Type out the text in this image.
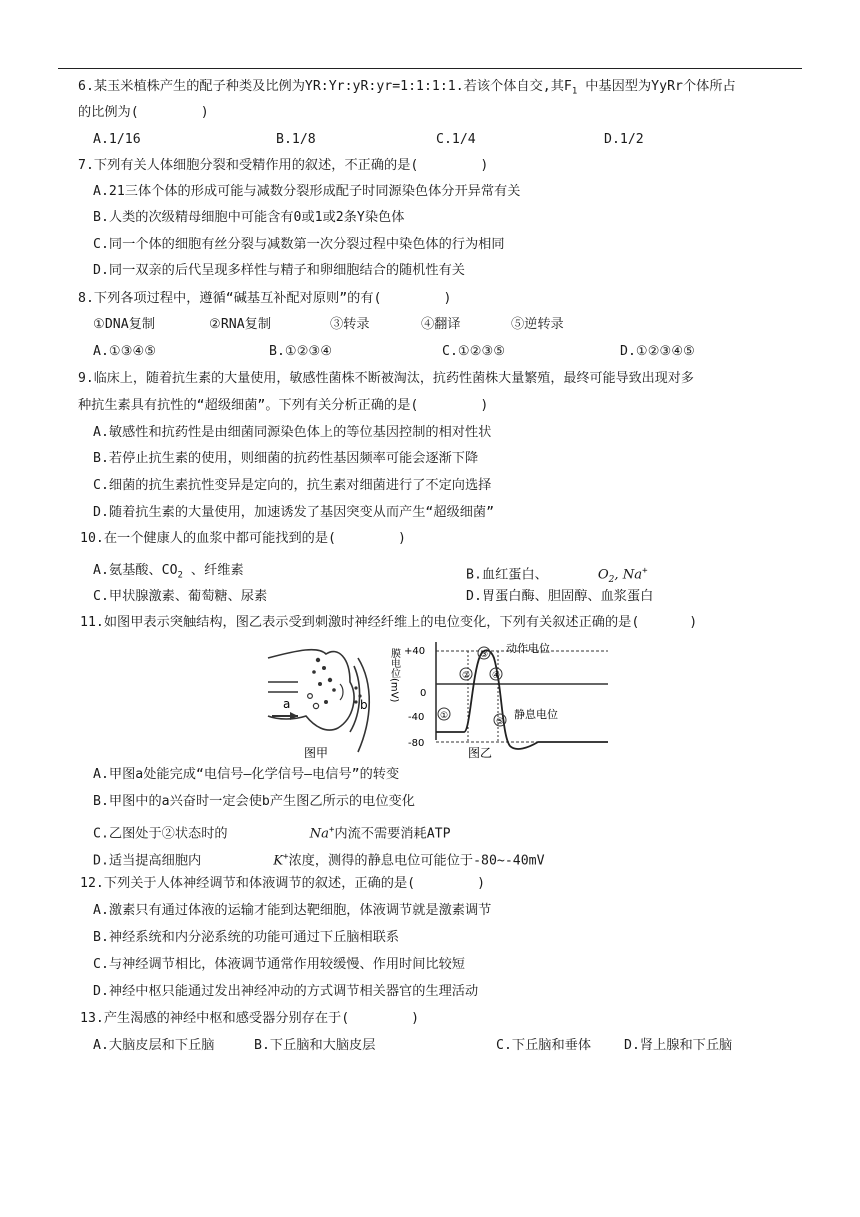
6.某玉米植株产生的配子种类及比例为YR:Yr:yR:yr=1:1:1:1.若该个体自交,其$F_1$ 中基因型为YyRr个体所占
的比例为(	)
A.1/16	B.1/8	C.1/4	D.1/2
7.下列有关人体细胞分裂和受精作用的叙述，不正确的是(	)
A.21三体个体的形成可能与减数分裂形成配子时同源染色体分开异常有关
B.人类的次级精母细胞中可能含有0或1或2条Y染色体
C.同一个体的细胞有丝分裂与减数第一次分裂过程中染色体的行为相同
D.同一双亲的后代呈现多样性与精子和卵细胞结合的随机性有关
8.下列各项过程中，遵循“碱基互补配对原则”的有(	)
①DNA复制	②RNA复制	③转录	④翻译	⑤逆转录
A.①③④⑤	B.①②③④	C.①②③⑤	D.①②③④⑤
9.临床上，随着抗生素的大量使用，敏感性菌株不断被淘汰，抗药性菌株大量繁殖，最终可能导致出现对多
种抗生素具有抗性的“超级细菌”。下列有关分析正确的是(	)
A.敏感性和抗药性是由细菌同源染色体上的等位基因控制的相对性状
B.若停止抗生素的使用，则细菌的抗药性基因频率可能会逐渐下降
C.细菌的抗生素抗性变异是定向的，抗生素对细菌进行了不定向选择
D.随着抗生素的大量使用，加速诱发了基因突变从而产生“超级细菌”
10.在一个健康人的血浆中都可能找到的是(	)
A.氨基酸、$CO_2$ 、纤维素	B.血红蛋白、	$O_2$, Na+
C.甲状腺激素、葡萄糖、尿素	D.胃蛋白酶、胆固醇、血浆蛋白
11.如图甲表示突触结构，图乙表示受到刺激时神经纤维上的电位变化，下列有关叙述正确的是(	)
a	b
图甲
膜电位(mV) +40
0
-40
-80
①
②
③
④
⑤
动作电位
静息电位
图乙
A.甲图a处能完成“电信号—化学信号—电信号”的转变
B.甲图中的a兴奋时一定会使b产生图乙所示的电位变化
C.乙图处于②状态时的	Na+内流不需要消耗ATP
D.适当提高细胞内	K+浓度，测得的静息电位可能位于-80~-40mV
12.下列关于人体神经调节和体液调节的叙述，正确的是(	)
A.激素只有通过体液的运输才能到达靶细胞，体液调节就是激素调节
B.神经系统和内分泌系统的功能可通过下丘脑相联系
C.与神经调节相比，体液调节通常作用较缓慢、作用时间比较短
D.神经中枢只能通过发出神经冲动的方式调节相关器官的生理活动
13.产生渴感的神经中枢和感受器分别存在于(	)
A.大脑皮层和下丘脑	B.下丘脑和大脑皮层	C.下丘脑和垂体 D.肾上腺和下丘脑
